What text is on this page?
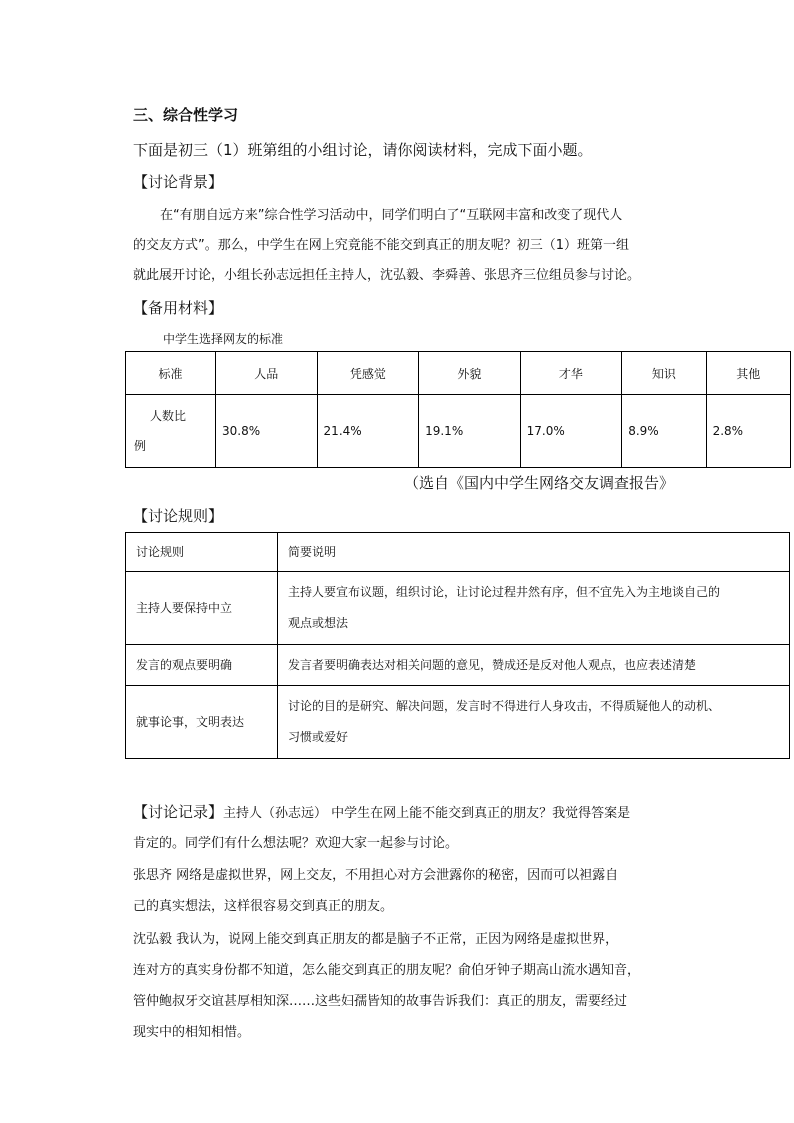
三、综合性学习
下面是初三（1）班第组的小组讨论，请你阅读材料，完成下面小题。
【讨论背景】
在“有朋自远方来”综合性学习活动中，同学们明白了“互联网丰富和改变了现代人
的交友方式”。那么，中学生在网上究竟能不能交到真正的朋友呢？初三（1）班第一组
就此展开讨论，小组长孙志远担任主持人，沈弘毅、李舜善、张思齐三位组员参与讨论。
【备用材料】
中学生选择网友的标准
标准	人品	凭感觉	外貌	才华	知识	其他

人数比
例	30.8%	21.4%	19.1%	17.0%	8.9%	2.8%
（选自《国内中学生网络交友调查报告》
【讨论规则】
讨论规则	简要说明
主持人要保持中立	主持人要宣布议题，组织讨论，让讨论过程井然有序，但不宜先入为主地谈自己的
观点或想法

发言的观点要明确	发言者要明确表达对相关问题的意见，赞成还是反对他人观点，也应表述清楚

就事论事，文明表达	讨论的目的是研究、解决问题，发言时不得进行人身攻击，不得质疑他人的动机、
习惯或爱好
【讨论记录】主持人（孙志远） 中学生在网上能不能交到真正的朋友？我觉得答案是
肯定的。同学们有什么想法呢？欢迎大家一起参与讨论。
张思齐 网络是虚拟世界，网上交友，不用担心对方会泄露你的秘密，因而可以袒露自
己的真实想法，这样很容易交到真正的朋友。
沈弘毅 我认为，说网上能交到真正朋友的都是脑子不正常，正因为网络是虚拟世界，
连对方的真实身份都不知道，怎么能交到真正的朋友呢？俞伯牙钟子期高山流水遇知音，
管仲鲍叔牙交谊甚厚相知深……这些妇孺皆知的故事告诉我们：真正的朋友，需要经过
现实中的相知相惜。
